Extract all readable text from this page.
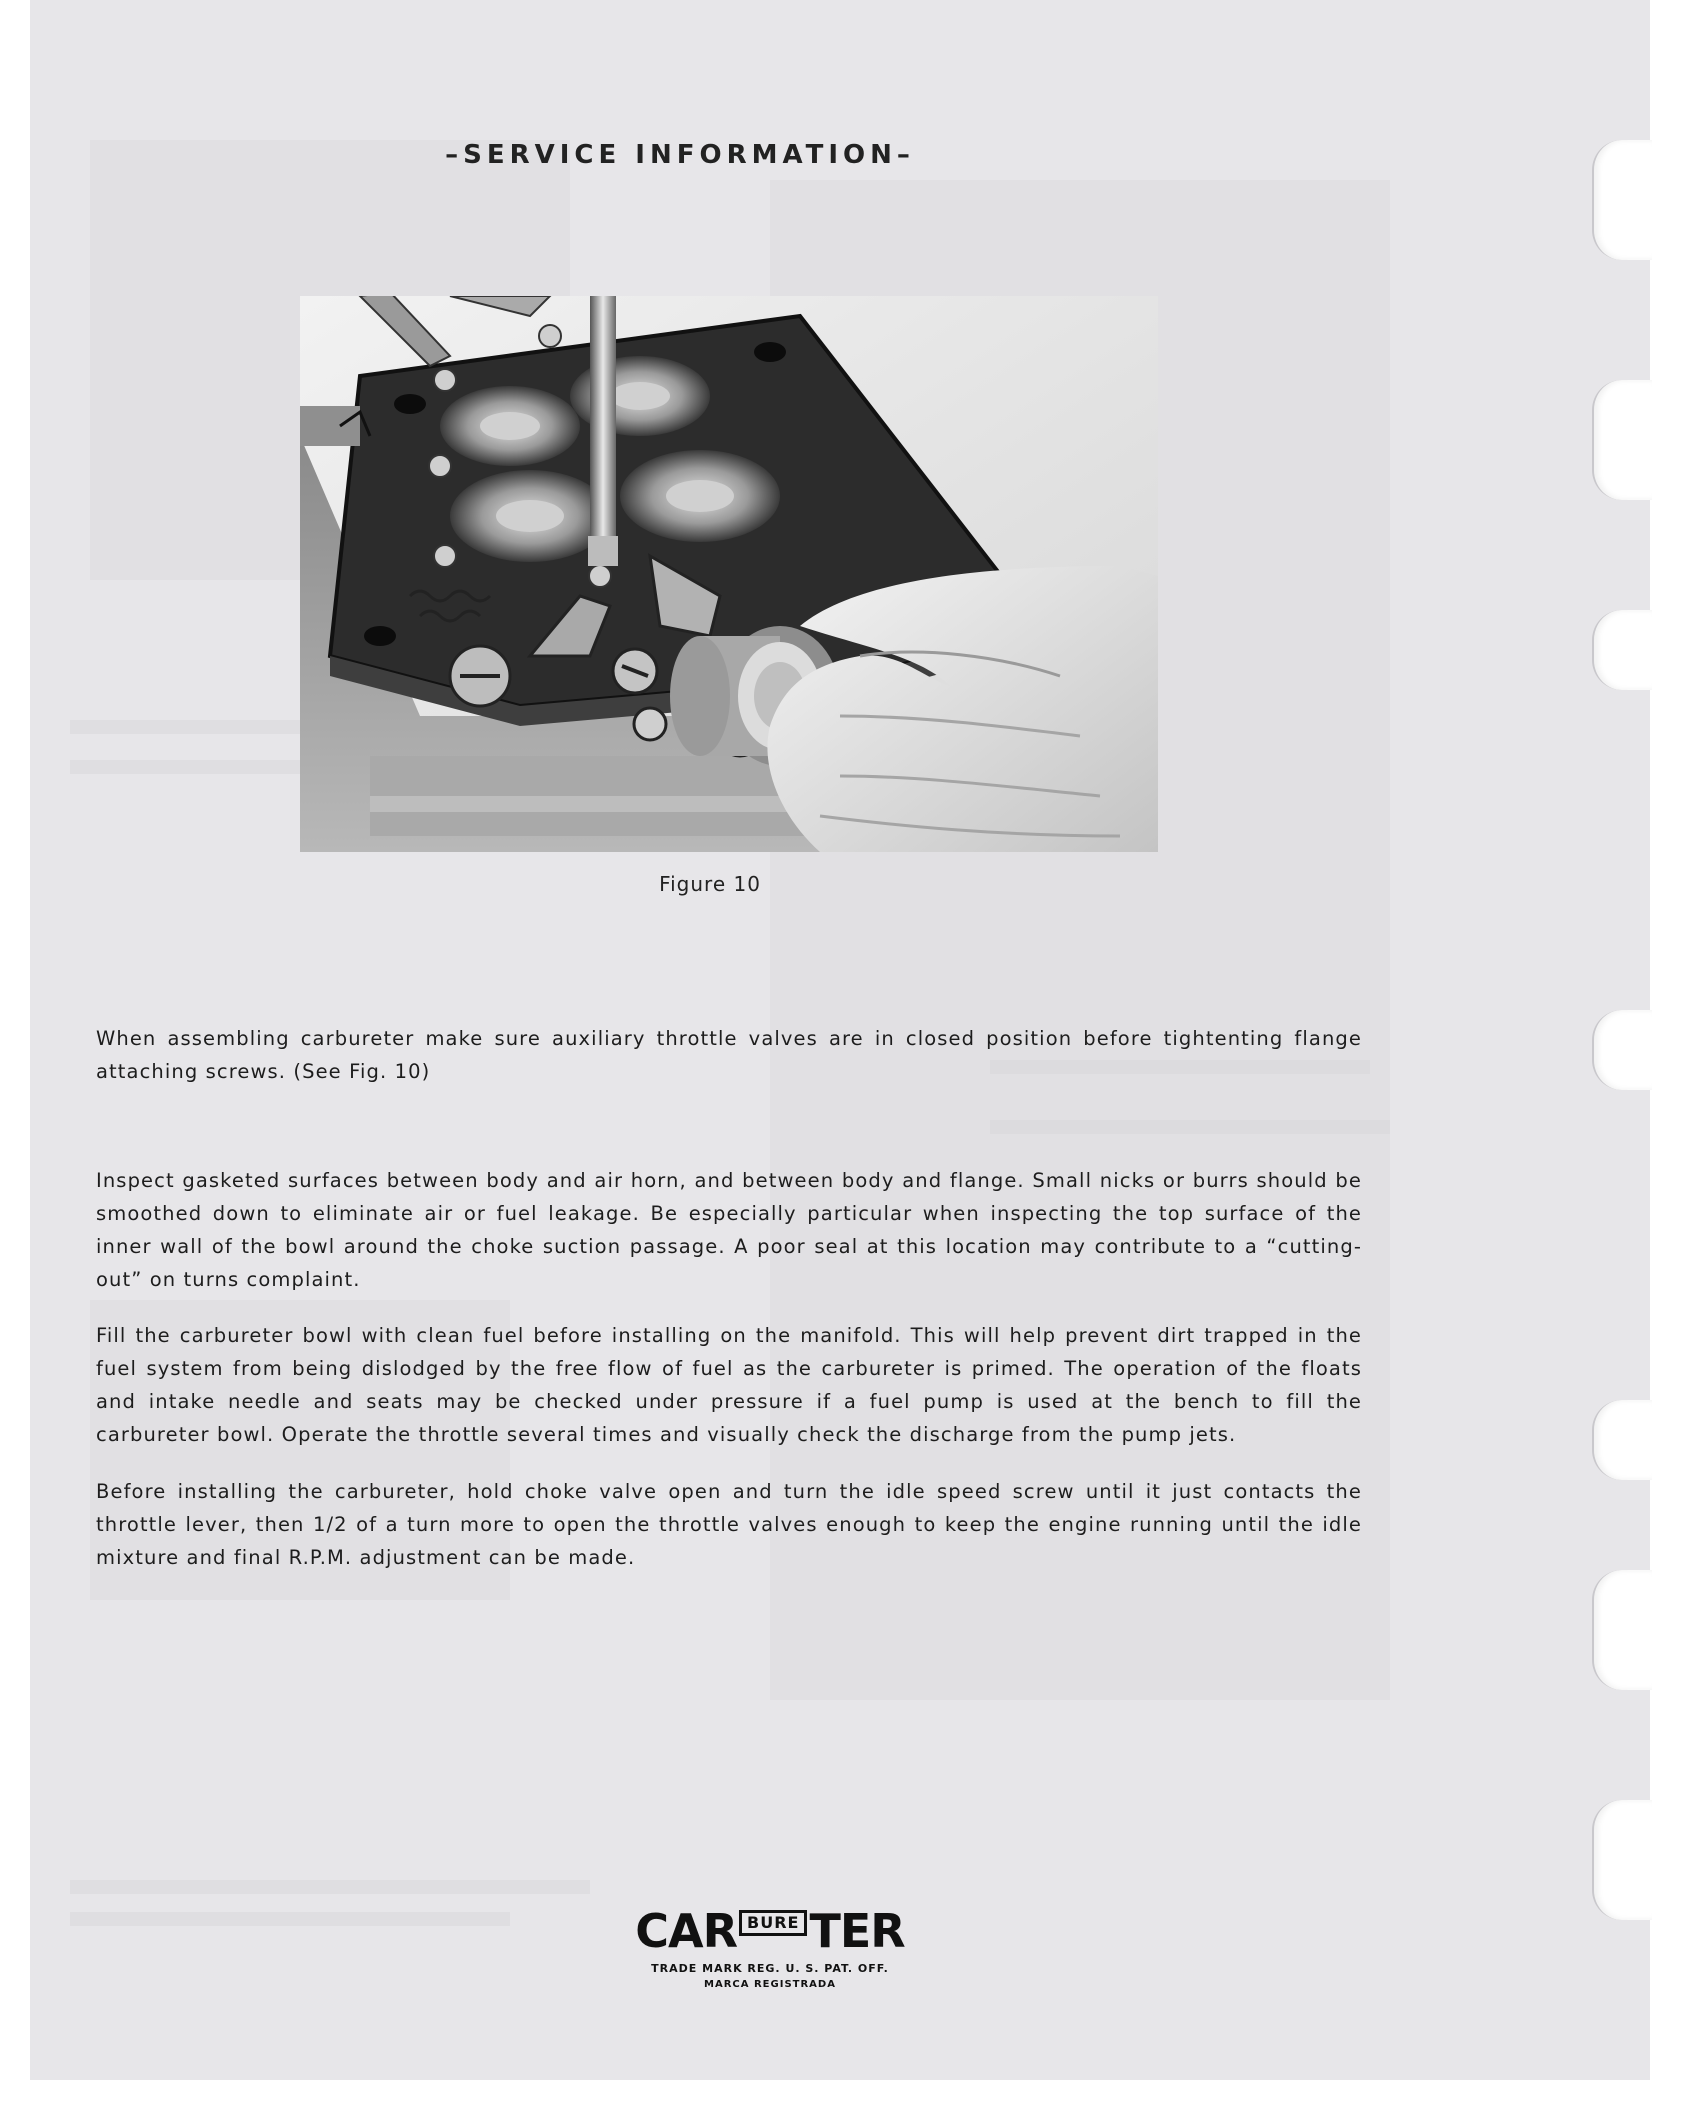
–SERVICE INFORMATION–
Figure 10

When assembling carbureter make sure auxiliary throttle valves are in closed position before tightenting flange attaching screws. (See Fig. 10)

Inspect gasketed surfaces between body and air horn, and between body and flange. Small nicks or burrs should be smoothed down to eliminate air or fuel leakage. Be especially particular when inspecting the top surface of the inner wall of the bowl around the choke suction passage. A poor seal at this location may contribute to a “cutting-out” on turns complaint.

Fill the carbureter bowl with clean fuel before installing on the manifold. This will help prevent dirt trapped in the fuel system from being dislodged by the free flow of fuel as the carbureter is primed. The operation of the floats and intake needle and seats may be checked under pressure if a fuel pump is used at the bench to fill the carbureter bowl. Operate the throttle several times and visually check the discharge from the pump jets.

Before installing the carbureter, hold choke valve open and turn the idle speed screw until it just contacts the throttle lever, then 1/2 of a turn more to open the throttle valves enough to keep the engine running until the idle mixture and final R.P.M. adjustment can be made.

CAR BURE TER
TRADE MARK REG. U. S. PAT. OFF.
MARCA REGISTRADA
